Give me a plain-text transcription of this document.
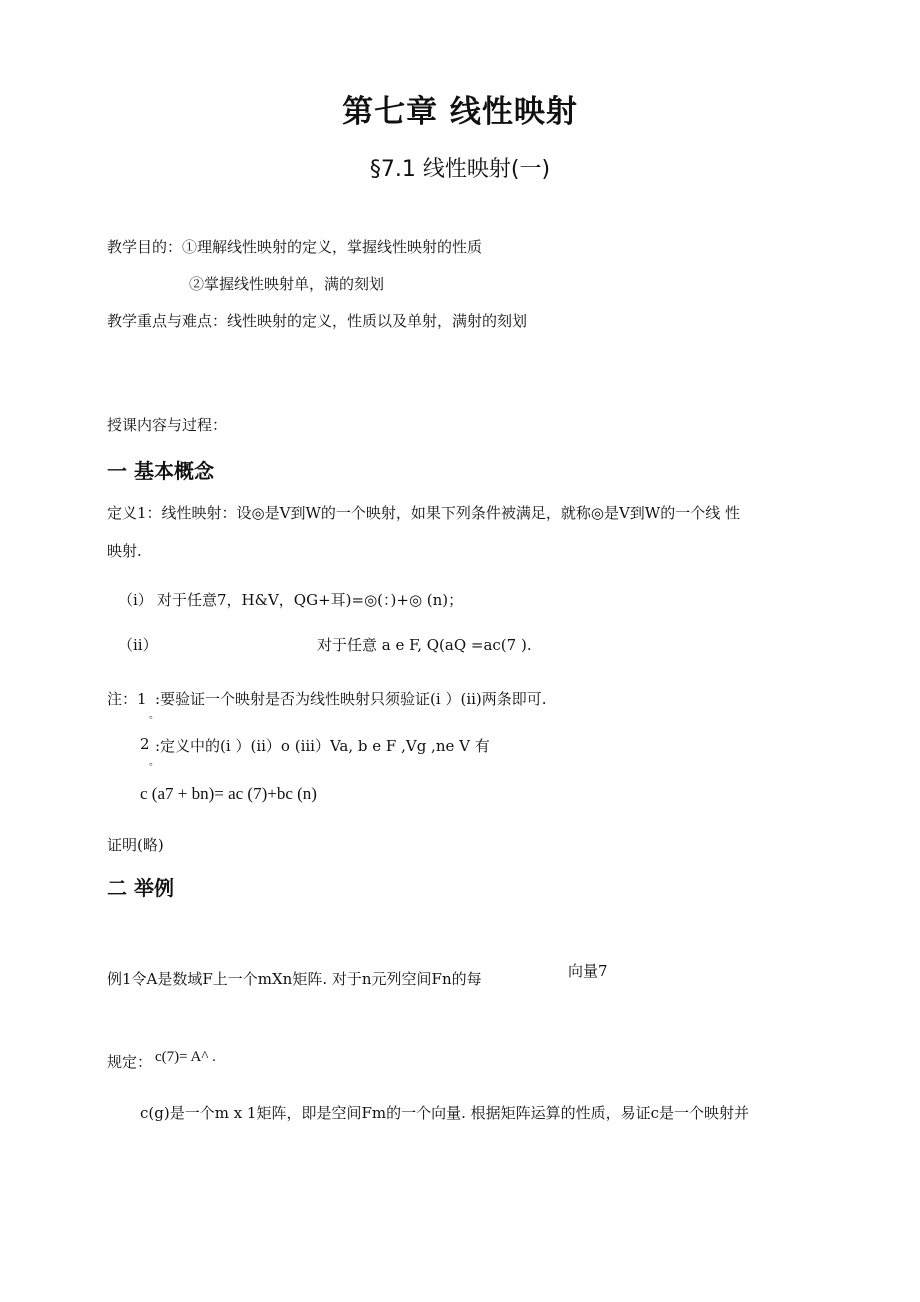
第七章 线性映射
§7.1 线性映射(一)
教学目的：①理解线性映射的定义，掌握线性映射的性质
②掌握线性映射单，满的刻划
教学重点与难点：线性映射的定义，性质以及单射，满射的刻划
授课内容与过程：
一 基本概念
定义1：线性映射：设◎是V到W的一个映射，如果下列条件被满足，就称◎是V到W的一个线 性
映射.
（i） 对于任意7，H&V，QG+耳)=◎(：)+◎ (n)；
（ii）	对于任意 a e F, Q(aQ =ac(7 ).
注：1 :要验证一个映射是否为线性映射只须验证(i ）(ii)两条即可.
。
2 :定义中的(i ）(ii）o (iii）Va, b e F ,Vg ,ne V 有
。
c (a7 + bn)= ac (7)+bc (n)
证明(略)
二 举例
例1令A是数域F上一个mXn矩阵. 对于n元列空间Fn的每	向量7
规定： c(7)= A^ .
c(g)是一个m x 1矩阵，即是空间Fm的一个向量. 根据矩阵运算的性质，易证c是一个映射并
